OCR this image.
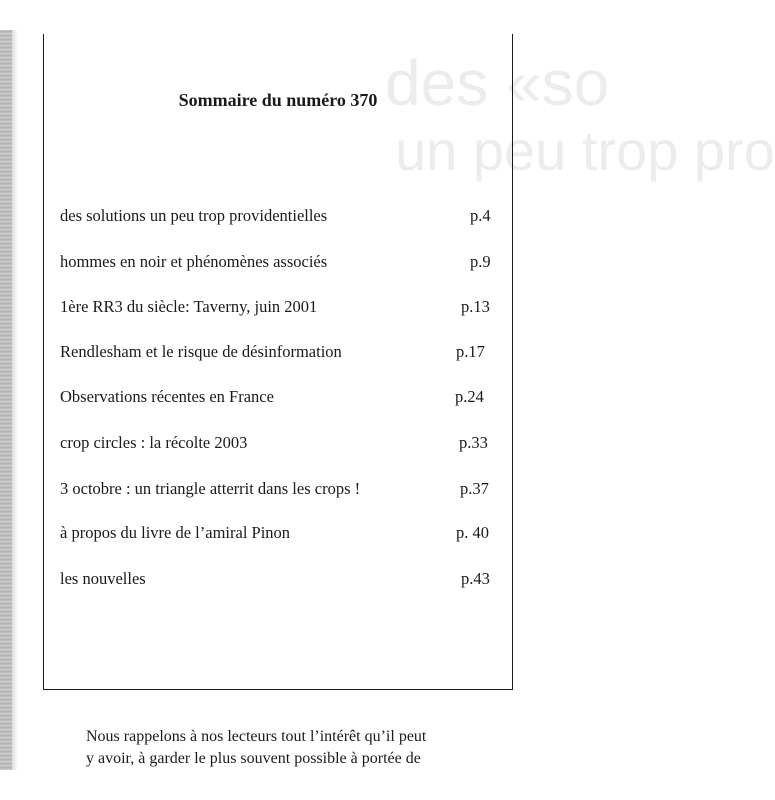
des «so
un peu trop pro
Sommaire du numéro 370
des solutions un peu trop providentielles	p.4
hommes en noir et phénomènes associés	p.9
1ère RR3 du siècle: Taverny, juin 2001	p.13
Rendlesham et le risque de désinformation	p.17
Observations récentes en France	p.24
crop circles : la récolte 2003	p.33
3 octobre : un triangle atterrit dans les crops !	p.37
à propos du livre de l’amiral Pinon	p. 40
les nouvelles	p.43

Nous rappelons à nos lecteurs tout l’intérêt qu’il peut
y avoir, à garder le plus souvent possible à portée de
